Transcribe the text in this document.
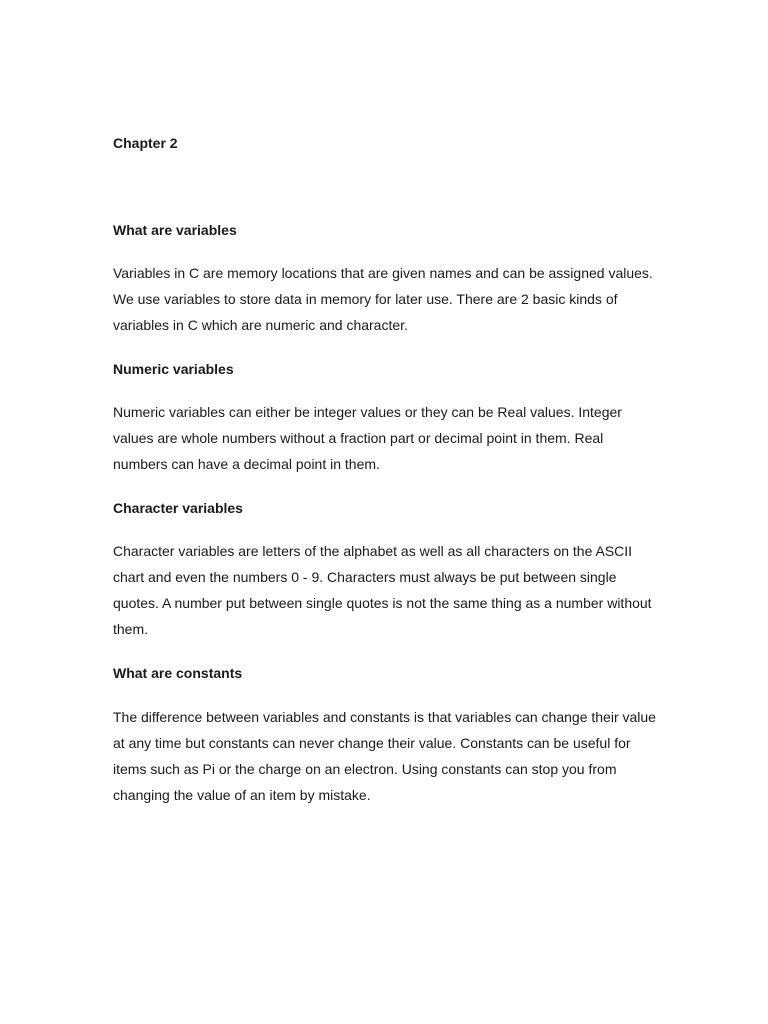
Chapter 2
What are variables

Variables in C are memory locations that are given names and can be assigned values. We use variables to store data in memory for later use. There are 2 basic kinds of variables in C which are numeric and character.

Numeric variables

Numeric variables can either be integer values or they can be Real values. Integer values are whole numbers without a fraction part or decimal point in them. Real numbers can have a decimal point in them.

Character variables

Character variables are letters of the alphabet as well as all characters on the ASCII chart and even the numbers 0 - 9. Characters must always be put between single quotes. A number put between single quotes is not the same thing as a number without them.

What are constants

The difference between variables and constants is that variables can change their value at any time but constants can never change their value. Constants can be useful for items such as Pi or the charge on an electron. Using constants can stop you from changing the value of an item by mistake.
